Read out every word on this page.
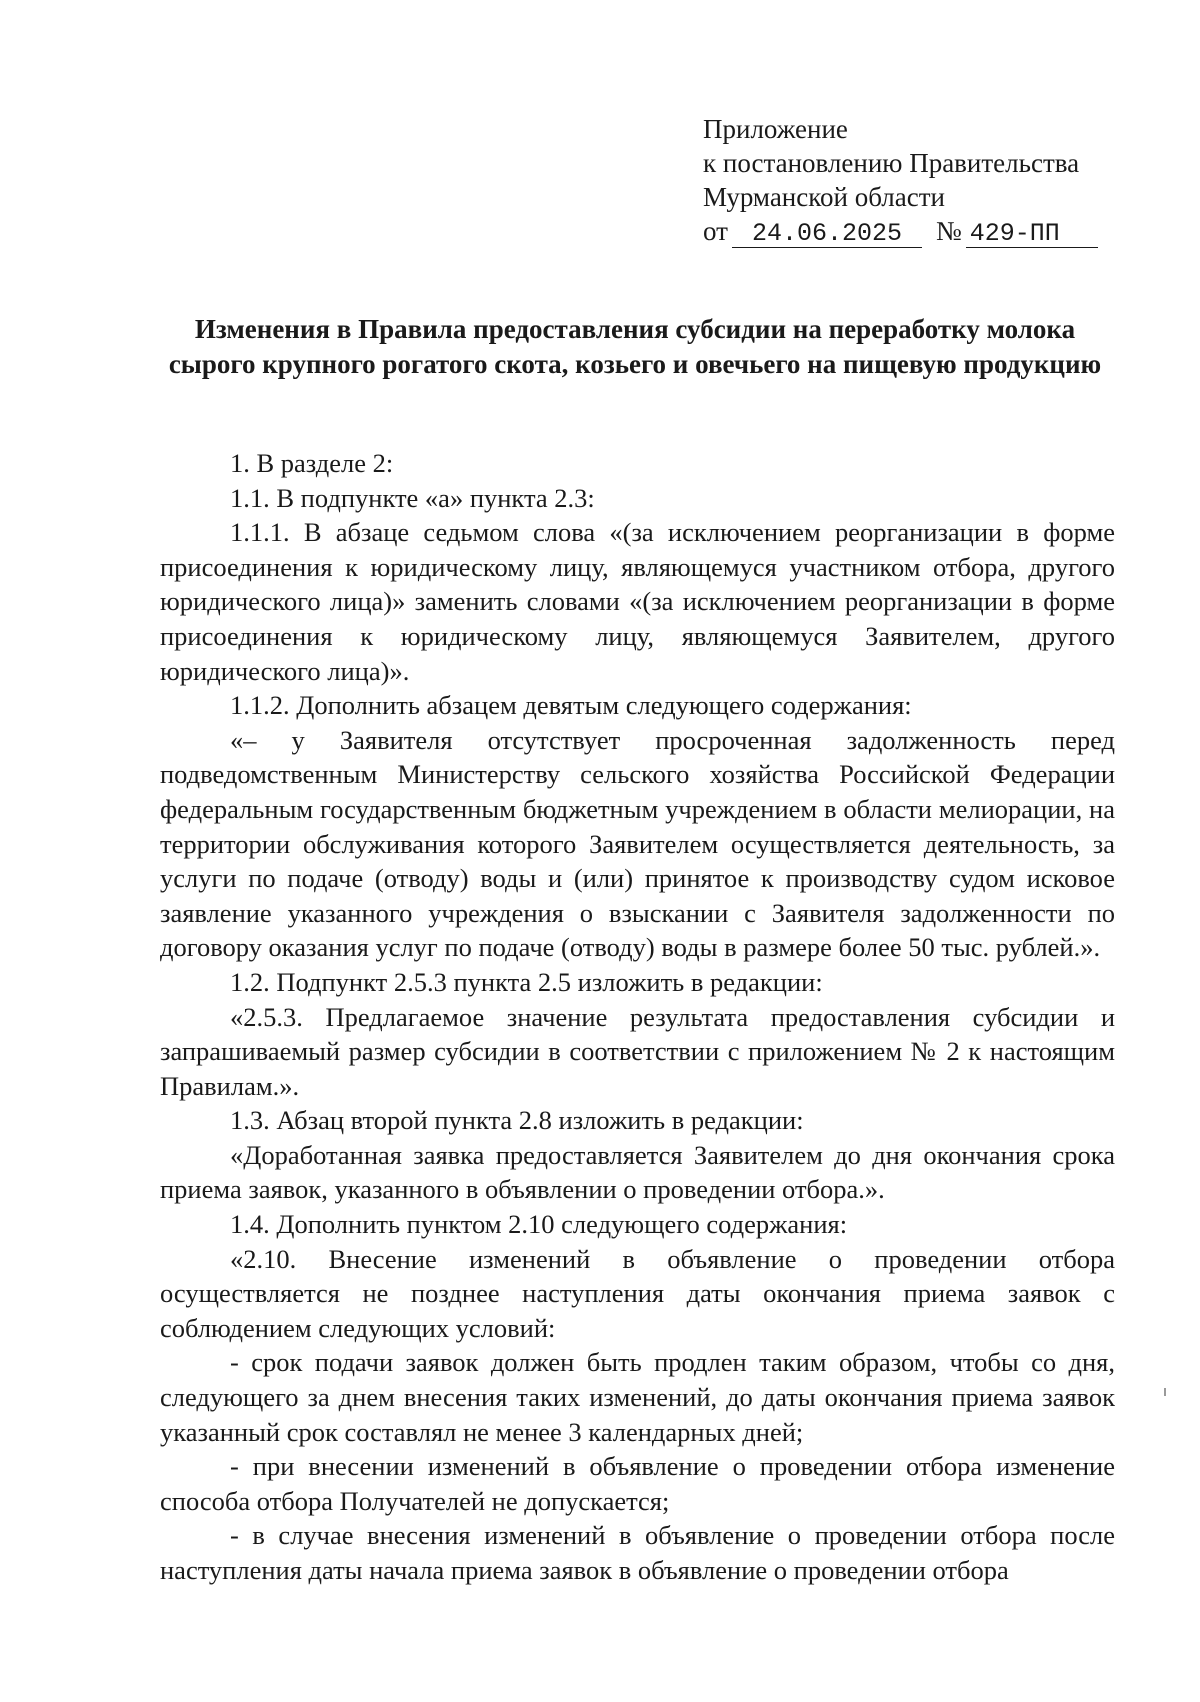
Приложение
к постановлению Правительства
Мурманской области
от 24.06.2025 № 429-ПП
Изменения в Правила предоставления субсидии на переработку молока сырого крупного рогатого скота, козьего и овечьего на пищевую продукцию

1. В разделе 2:

1.1. В подпункте «а» пункта 2.3:

1.1.1. В абзаце седьмом слова «(за исключением реорганизации в форме присоединения к юридическому лицу, являющемуся участником отбора, другого юридического лица)» заменить словами «(за исключением реорганизации в форме присоединения к юридическому лицу, являющемуся Заявителем, другого юридического лица)».

1.1.2. Дополнить абзацем девятым следующего содержания:

«– у Заявителя отсутствует просроченная задолженность перед подведомственным Министерству сельского хозяйства Российской Федерации федеральным государственным бюджетным учреждением в области мелиорации, на территории обслуживания которого Заявителем осуществляется деятельность, за услуги по подаче (отводу) воды и (или) принятое к производству судом исковое заявление указанного учреждения о взыскании с Заявителя задолженности по договору оказания услуг по подаче (отводу) воды в размере более 50 тыс. рублей.».

1.2. Подпункт 2.5.3 пункта 2.5 изложить в редакции:

«2.5.3. Предлагаемое значение результата предоставления субсидии и запрашиваемый размер субсидии в соответствии с приложением № 2 к настоящим Правилам.».

1.3. Абзац второй пункта 2.8 изложить в редакции:

«Доработанная заявка предоставляется Заявителем до дня окончания срока приема заявок, указанного в объявлении о проведении отбора.».

1.4. Дополнить пунктом 2.10 следующего содержания:

«2.10. Внесение изменений в объявление о проведении отбора осуществляется не позднее наступления даты окончания приема заявок с соблюдением следующих условий:

- срок подачи заявок должен быть продлен таким образом, чтобы со дня, следующего за днем внесения таких изменений, до даты окончания приема заявок указанный срок составлял не менее 3 календарных дней;

- при внесении изменений в объявление о проведении отбора изменение способа отбора Получателей не допускается;

- в случае внесения изменений в объявление о проведении отбора после наступления даты начала приема заявок в объявление о проведении отбора
